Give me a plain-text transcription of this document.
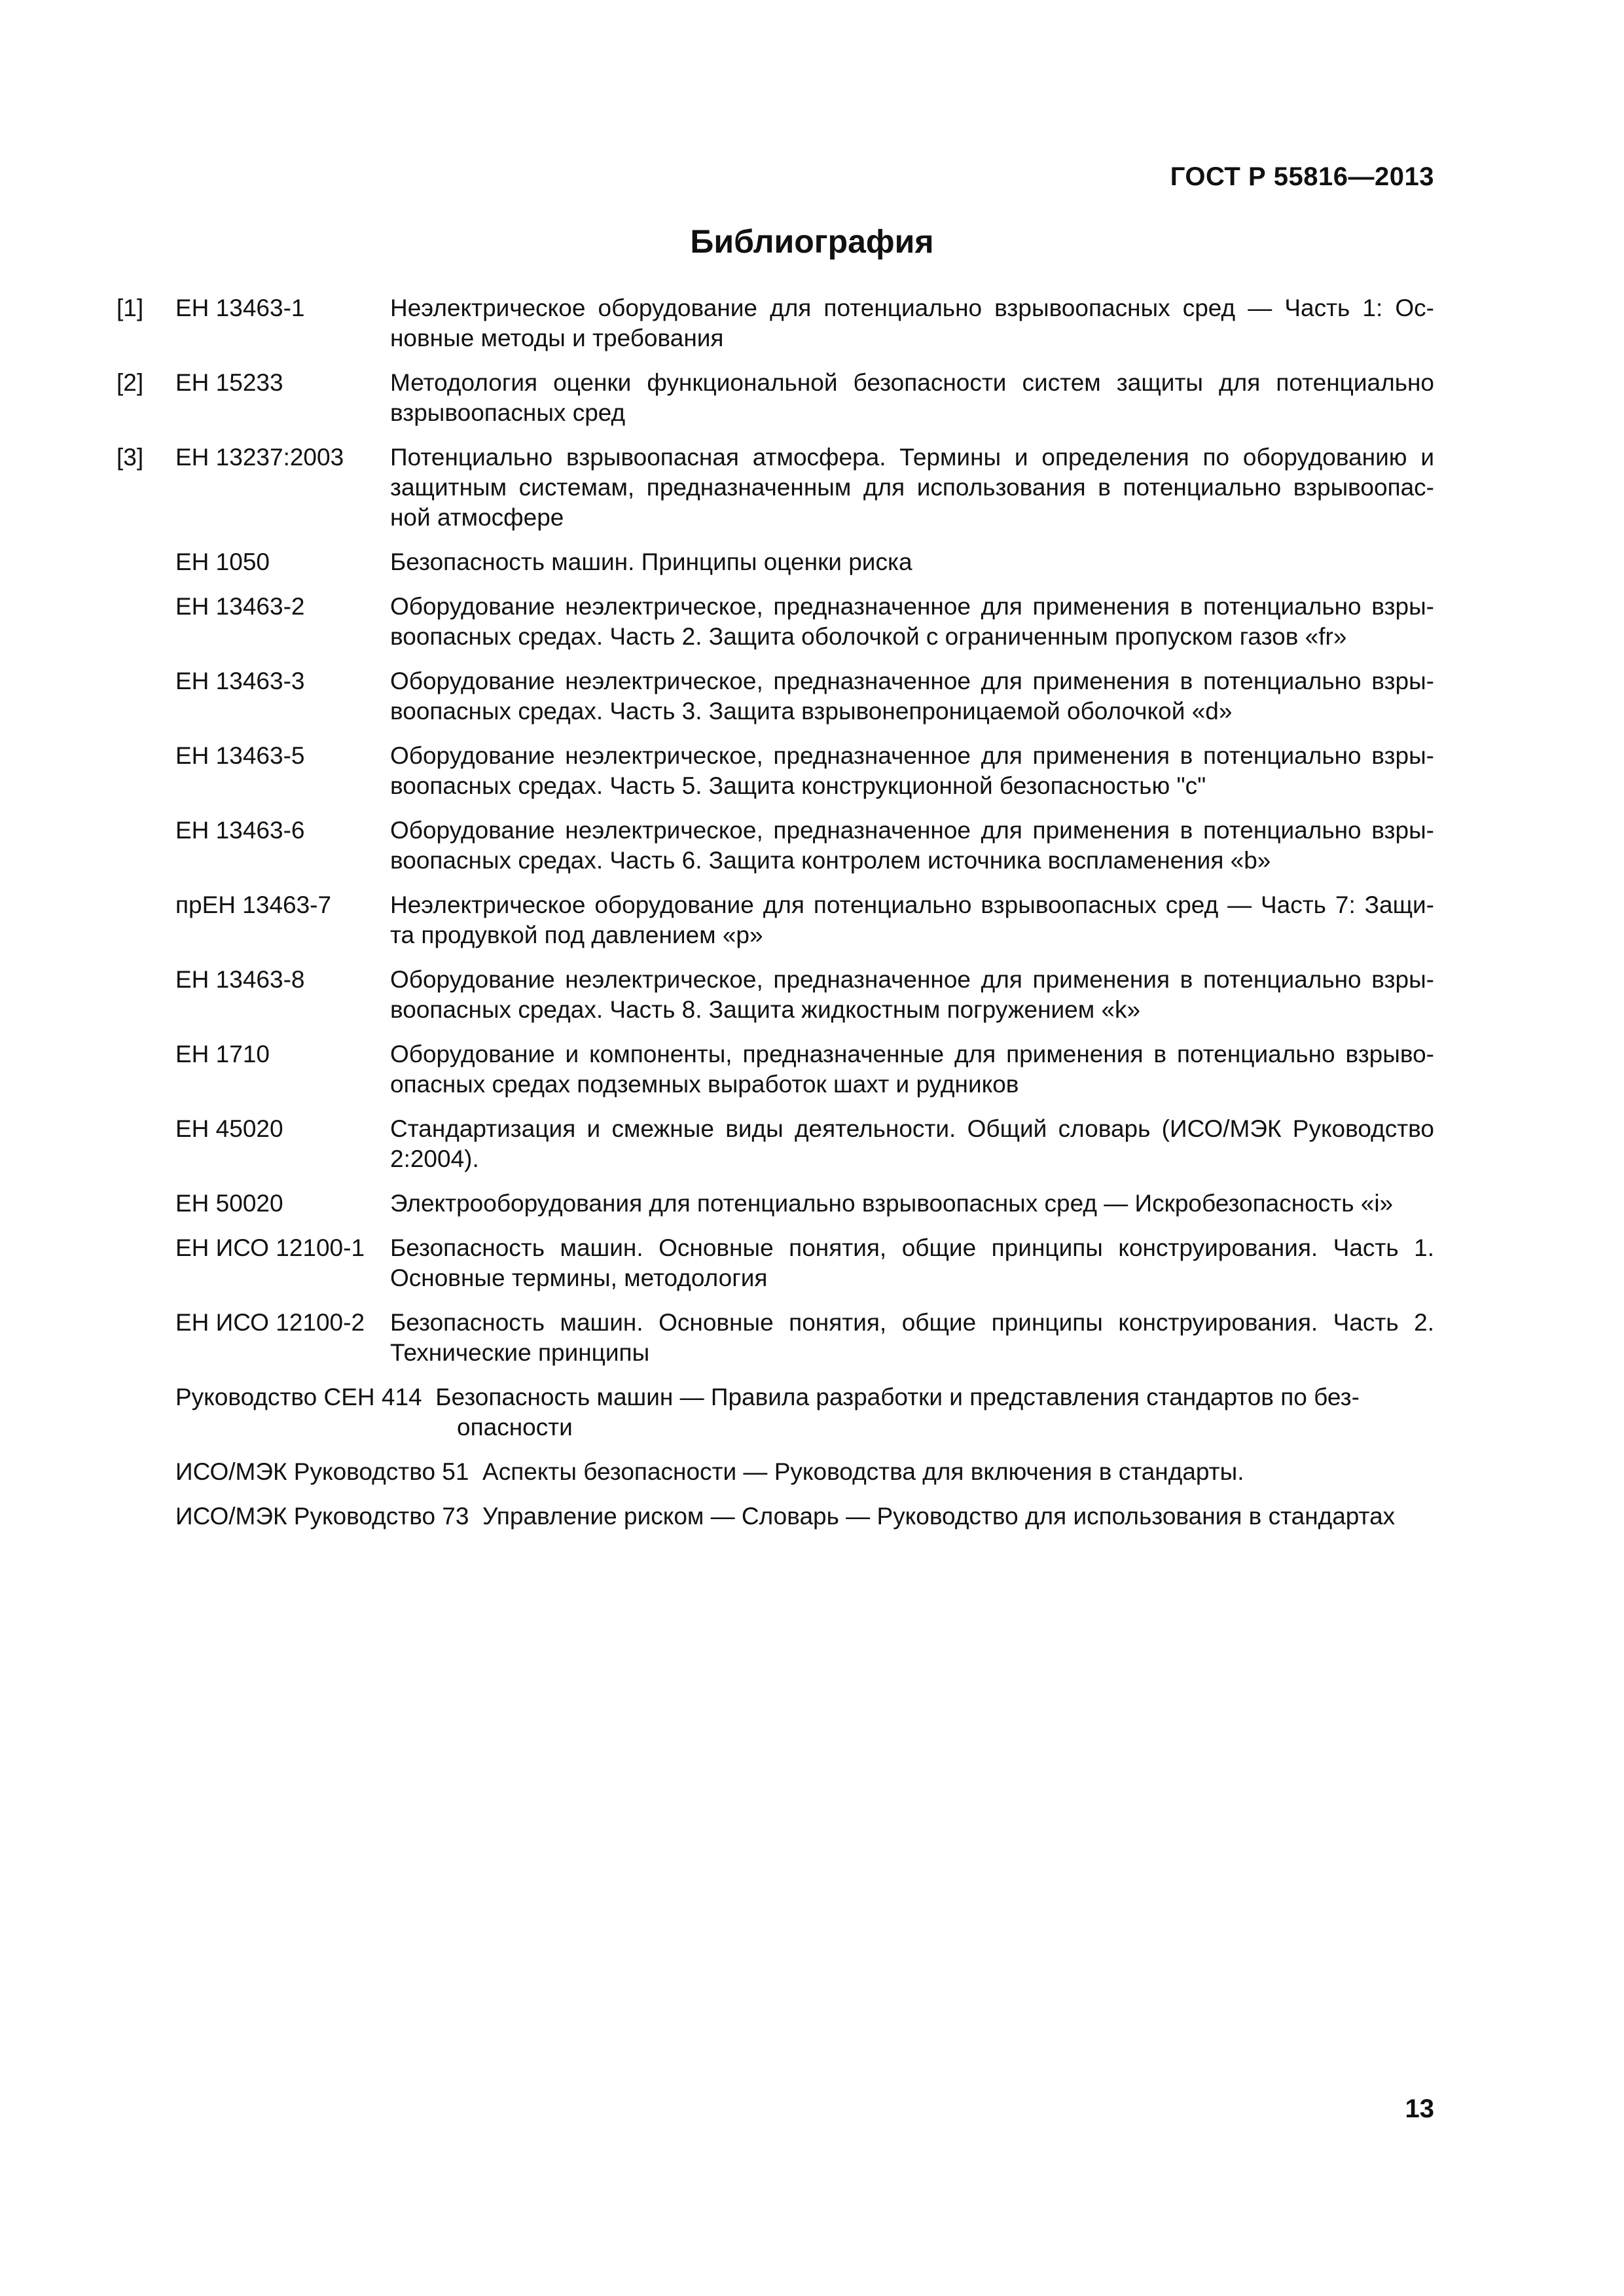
ГОСТ Р 55816—2013
Библиография
[1] ЕН 13463-1	Неэлектрическое оборудование для потенциально взрывоопасных сред — Часть 1: Ос-новные методы и требования
[2] ЕН 15233	Методология оценки функциональной безопасности систем защиты для потенциально взрывоопасных сред
[3] ЕН 13237:2003 Потенциально взрывоопасная атмосфера. Термины и определения по оборудованию и защитным системам, предназначенным для использования в потенциально взрывоопас-ной атмосфере
ЕН 1050	Безопасность машин. Принципы оценки риска
ЕН 13463-2	Оборудование неэлектрическое, предназначенное для применения в потенциально взры-воопасных средах. Часть 2. Защита оболочкой с ограниченным пропуском газов «fr»
ЕН 13463-3	Оборудование неэлектрическое, предназначенное для применения в потенциально взры-воопасных средах. Часть 3. Защита взрывонепроницаемой оболочкой «d»
ЕН 13463-5	Оборудование неэлектрическое, предназначенное для применения в потенциально взры-воопасных средах. Часть 5. Защита конструкционной безопасностью "c"
ЕН 13463-6	Оборудование неэлектрическое, предназначенное для применения в потенциально взры-воопасных средах. Часть 6. Защита контролем источника воспламенения «b»
прЕН 13463-7 Неэлектрическое оборудование для потенциально взрывоопасных сред — Часть 7: Защи-та продувкой под давлением «р»
ЕН 13463-8	Оборудование неэлектрическое, предназначенное для применения в потенциально взры-воопасных средах. Часть 8. Защита жидкостным погружением «k»
ЕН 1710	Оборудование и компоненты, предназначенные для применения в потенциально взрыво-опасных средах подземных выработок шахт и рудников
ЕН 45020	Стандартизация и смежные виды деятельности. Общий словарь (ИСО/МЭК Руководство 2:2004).
ЕН 50020	Электрооборудования для потенциально взрывоопасных сред — Искробезопасность «i»
ЕН ИСО 12100-1 Безопасность машин. Основные понятия, общие принципы конструирования. Часть 1. Основные термины, методология
ЕН ИСО 12100-2 Безопасность машин. Основные понятия, общие принципы конструирования. Часть 2. Технические принципы
Руководство СЕН 414 Безопасность машин — Правила разработки и представления стандартов по без-
опасности
ИСО/МЭК Руководство 51 Аспекты безопасности — Руководства для включения в стандарты.
ИСО/МЭК Руководство 73 Управление риском — Словарь — Руководство для использования в стандартах
13
